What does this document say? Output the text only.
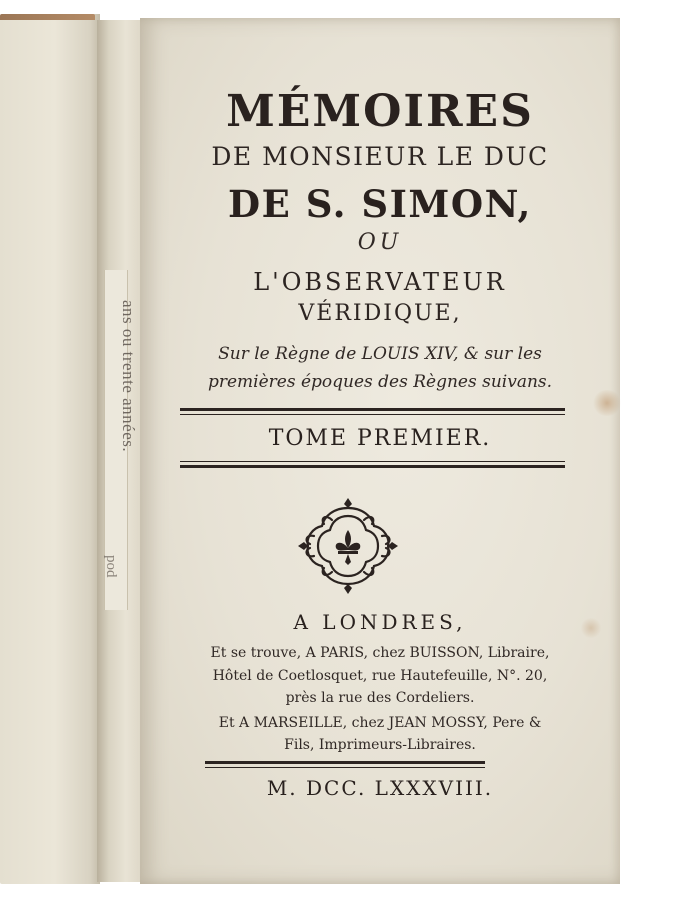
ans ou trente années.
pod
MÉMOIRES
DE MONSIEUR LE DUC
DE S. SIMON,
OU
L'OBSERVATEUR
VÉRIDIQUE,
Sur le Règne de LOUIS XIV, & sur les
premières époques des Règnes suivans.
TOME PREMIER.
A LONDRES,
Et se trouve, A PARIS, chez BUISSON, Libraire,
Hôtel de Coetlosquet, rue Hautefeuille, N°. 20,
près la rue des Cordeliers.
Et A MARSEILLE, chez JEAN MOSSY, Pere &
Fils, Imprimeurs-Libraires.
M. DCC. LXXXVIII.
